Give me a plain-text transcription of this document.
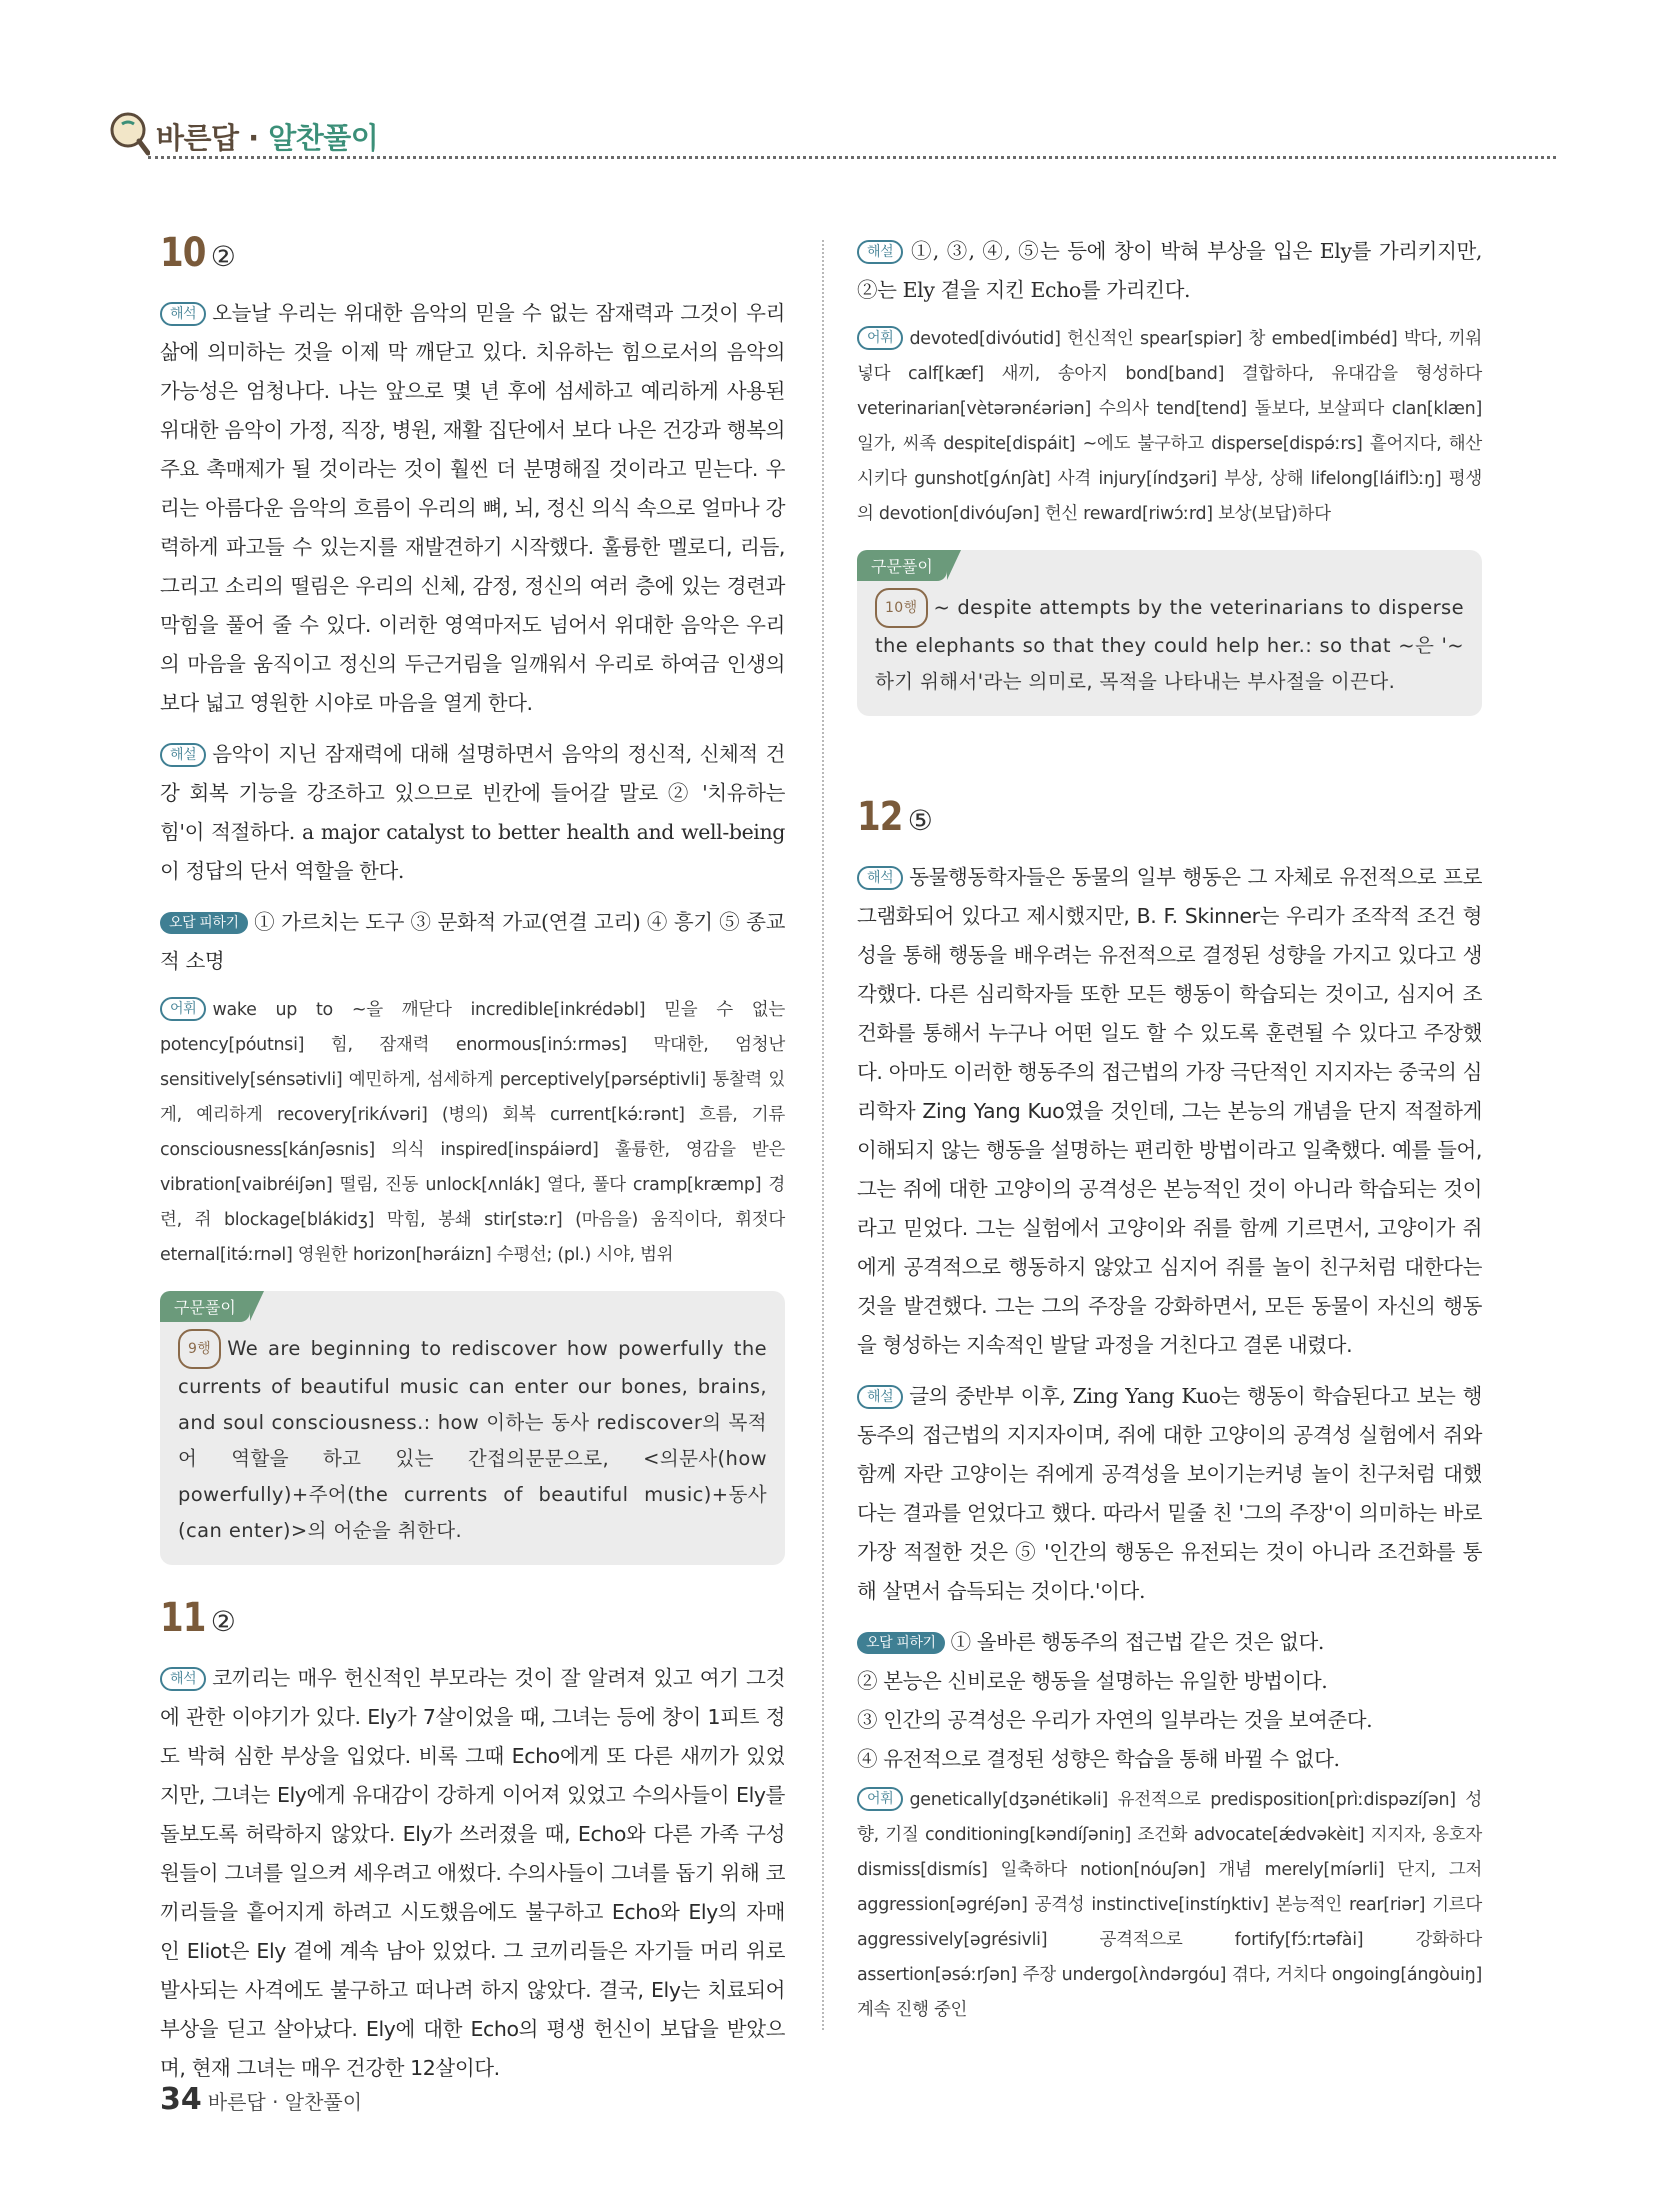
바른답 · 알찬풀이
10 ②

해석 오늘날 우리는 위대한 음악의 믿을 수 없는 잠재력과 그것이 우리 삶에 의미하는 것을 이제 막 깨닫고 있다. 치유하는 힘으로서의 음악의 가능성은 엄청나다. 나는 앞으로 몇 년 후에 섬세하고 예리하게 사용된 위대한 음악이 가정, 직장, 병원, 재활 집단에서 보다 나은 건강과 행복의 주요 촉매제가 될 것이라는 것이 훨씬 더 분명해질 것이라고 믿는다. 우리는 아름다운 음악의 흐름이 우리의 뼈, 뇌, 정신 의식 속으로 얼마나 강력하게 파고들 수 있는지를 재발견하기 시작했다. 훌륭한 멜로디, 리듬, 그리고 소리의 떨림은 우리의 신체, 감정, 정신의 여러 층에 있는 경련과 막힘을 풀어 줄 수 있다. 이러한 영역마저도 넘어서 위대한 음악은 우리의 마음을 움직이고 정신의 두근거림을 일깨워서 우리로 하여금 인생의 보다 넓고 영원한 시야로 마음을 열게 한다.

해설 음악이 지닌 잠재력에 대해 설명하면서 음악의 정신적, 신체적 건강 회복 기능을 강조하고 있으므로 빈칸에 들어갈 말로 ② '치유하는 힘'이 적절하다. a major catalyst to better health and well-being이 정답의 단서 역할을 한다.

오답 피하기 ① 가르치는 도구 ③ 문화적 가교(연결 고리) ④ 흥기 ⑤ 종교적 소명

어휘 wake up to ~을 깨닫다 incredible[inkrédəbl] 믿을 수 없는 potency[póutnsi] 힘, 잠재력 enormous[inɔ́ːrməs] 막대한, 엄청난 sensitively[sénsətivli] 예민하게, 섬세하게 perceptively[pərséptivli] 통찰력 있게, 예리하게 recovery[rikʌ́vəri] (병의) 회복 current[kə́ːrənt] 흐름, 기류 consciousness[kánʃəsnis] 의식 inspired[inspáiərd] 훌륭한, 영감을 받은 vibration[vaibréiʃən] 떨림, 진동 unlock[ʌnlák] 열다, 풀다 cramp[kræmp] 경련, 쥐 blockage[blákidʒ] 막힘, 봉쇄 stir[stəːr] (마음을) 움직이다, 휘젓다 eternal[itə́ːrnəl] 영원한 horizon[həráizn] 수평선; (pl.) 시야, 범위

구문풀이

9행 We are beginning to rediscover how powerfully the currents of beautiful music can enter our bones, brains, and soul consciousness.: how 이하는 동사 rediscover의 목적어 역할을 하고 있는 간접의문문으로, <의문사(how powerfully)+주어(the currents of beautiful music)+동사(can enter)>의 어순을 취한다.

11 ②

해석 코끼리는 매우 헌신적인 부모라는 것이 잘 알려져 있고 여기 그것에 관한 이야기가 있다. Ely가 7살이었을 때, 그녀는 등에 창이 1피트 정도 박혀 심한 부상을 입었다. 비록 그때 Echo에게 또 다른 새끼가 있었지만, 그녀는 Ely에게 유대감이 강하게 이어져 있었고 수의사들이 Ely를 돌보도록 허락하지 않았다. Ely가 쓰러졌을 때, Echo와 다른 가족 구성원들이 그녀를 일으켜 세우려고 애썼다. 수의사들이 그녀를 돕기 위해 코끼리들을 흩어지게 하려고 시도했음에도 불구하고 Echo와 Ely의 자매인 Eliot은 Ely 곁에 계속 남아 있었다. 그 코끼리들은 자기들 머리 위로 발사되는 사격에도 불구하고 떠나려 하지 않았다. 결국, Ely는 치료되어 부상을 딛고 살아났다. Ely에 대한 Echo의 평생 헌신이 보답을 받았으며, 현재 그녀는 매우 건강한 12살이다.

해설 ①, ③, ④, ⑤는 등에 창이 박혀 부상을 입은 Ely를 가리키지만, ②는 Ely 곁을 지킨 Echo를 가리킨다.

어휘 devoted[divóutid] 헌신적인 spear[spiər] 창 embed[imbéd] 박다, 끼워 넣다 calf[kæf] 새끼, 송아지 bond[band] 결합하다, 유대감을 형성하다 veterinarian[vètərənɛ́əriən] 수의사 tend[tend] 돌보다, 보살피다 clan[klæn] 일가, 씨족 despite[dispáit] ~에도 불구하고 disperse[dispə́ːrs] 흩어지다, 해산시키다 gunshot[gʌ́nʃàt] 사격 injury[índʒəri] 부상, 상해 lifelong[láiflɔ̀ːŋ] 평생의 devotion[divóuʃən] 헌신 reward[riwɔ́ːrd] 보상(보답)하다

구문풀이

10행 ~ despite attempts by the veterinarians to disperse the elephants so that they could help her.: so that ~은 '~하기 위해서'라는 의미로, 목적을 나타내는 부사절을 이끈다.

12 ⑤

해석 동물행동학자들은 동물의 일부 행동은 그 자체로 유전적으로 프로그램화되어 있다고 제시했지만, B. F. Skinner는 우리가 조작적 조건 형성을 통해 행동을 배우려는 유전적으로 결정된 성향을 가지고 있다고 생각했다. 다른 심리학자들 또한 모든 행동이 학습되는 것이고, 심지어 조건화를 통해서 누구나 어떤 일도 할 수 있도록 훈련될 수 있다고 주장했다. 아마도 이러한 행동주의 접근법의 가장 극단적인 지지자는 중국의 심리학자 Zing Yang Kuo였을 것인데, 그는 본능의 개념을 단지 적절하게 이해되지 않는 행동을 설명하는 편리한 방법이라고 일축했다. 예를 들어, 그는 쥐에 대한 고양이의 공격성은 본능적인 것이 아니라 학습되는 것이라고 믿었다. 그는 실험에서 고양이와 쥐를 함께 기르면서, 고양이가 쥐에게 공격적으로 행동하지 않았고 심지어 쥐를 놀이 친구처럼 대한다는 것을 발견했다. 그는 그의 주장을 강화하면서, 모든 동물이 자신의 행동을 형성하는 지속적인 발달 과정을 거친다고 결론 내렸다.

해설 글의 중반부 이후, Zing Yang Kuo는 행동이 학습된다고 보는 행동주의 접근법의 지지자이며, 쥐에 대한 고양이의 공격성 실험에서 쥐와 함께 자란 고양이는 쥐에게 공격성을 보이기는커녕 놀이 친구처럼 대했다는 결과를 얻었다고 했다. 따라서 밑줄 친 '그의 주장'이 의미하는 바로 가장 적절한 것은 ⑤ '인간의 행동은 유전되는 것이 아니라 조건화를 통해 살면서 습득되는 것이다.'이다.

오답 피하기 ① 올바른 행동주의 접근법 같은 것은 없다.
② 본능은 신비로운 행동을 설명하는 유일한 방법이다.
③ 인간의 공격성은 우리가 자연의 일부라는 것을 보여준다.
④ 유전적으로 결정된 성향은 학습을 통해 바뀔 수 없다.

어휘 genetically[dʒənétikəli] 유전적으로 predisposition[prìːdispəzíʃən] 성향, 기질 conditioning[kəndíʃəniŋ] 조건화 advocate[ǽdvəkèit] 지지자, 옹호자 dismiss[dismís] 일축하다 notion[nóuʃən] 개념 merely[míərli] 단지, 그저 aggression[əgréʃən] 공격성 instinctive[instíŋktiv] 본능적인 rear[riər] 기르다 aggressively[əgrésivli] 공격적으로 fortify[fɔ́ːrtəfài] 강화하다 assertion[əsə́ːrʃən] 주장 undergo[ʌ̀ndərgóu] 겪다, 거치다 ongoing[ángòuiŋ] 계속 진행 중인

34 바른답 · 알찬풀이
